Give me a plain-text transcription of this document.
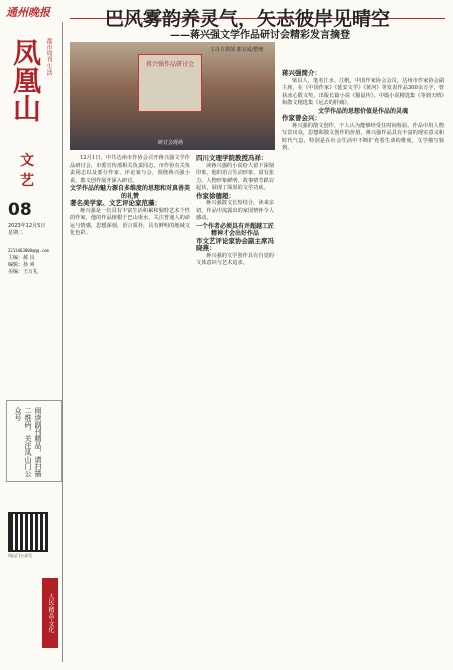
通州晚报
凤凰山 都市周刊 生活
文 艺
08
2023年12月5日
星期二
2213463800@qq.com
主编：郝 良
编辑：孙 爽
美编：王万礼
阅读副刊精品，请扫描二维码，关注凤山门公众号
凤山门公众号
人民·精品·文化
巴风雾韵养灵气，矢志彼岸见晴空
——蒋兴强文学作品研讨会精彩发言摘登
蒋兴强作品研讨会
研讨会现场
主办方供图 郭宜成/整理

12月1日，中共达州市作协会召开蒋兴强文学作品研讨会，市委宣传部相关负责同志，市作协有关负责同志以及部分作家、评论家与会，围绕蒋兴强小说、散文创作展开深入研讨。

文学作品的魅力源自多维度的思想和对真善美的礼赞

著名美学家、文艺评论家范藻：

蒋兴强是一位具有丰富生活积累和独特艺术个性的作家，他的作品植根于巴山渠水，关注普通人的命运与情感，思想深刻，语言质朴，具有鲜明的地域文化色彩。

四川文理学院教授冯祥：

读蒋兴强的小说给人留下深刻印象，他的语言生动形象，富有张力，人物形象鲜明，故事情节跌宕起伏，展现了深厚的文学功底。

作家徐德超：

蒋兴强散文长短结合，读来亲切，作品中流露出的家国情怀令人感动。

一个作者必须具有并超越工匠精神才会出好作品

市文艺评论家协会副主席冯晓燕：

蒋兴强的文学创作具有自觉的文体意识与艺术追求。

蒋兴强简介：

梁县人，笔名江水、江帆，中国作家协会会员，达州市作家协会副主席，在《中国作家》《延安文学》《黄河》等发表作品300余万字，曾获冰心散文奖、出版长篇小说《猫鼠传》。中篇小说精选集《等到天晴》和散文精选集《远去的肝痛》。

文学作品的思想价值是作品的灵魂

作家曾会兴：

蒋兴强的散文创作，个人认为能够经受住时间检验。作品中用人物写景出众，思想和散文创作的价值，蒋兴强作品具有丰富的现实意义和时代气息，特别是在社会生活中不断扩充着生命的维度，文学描写独到。
